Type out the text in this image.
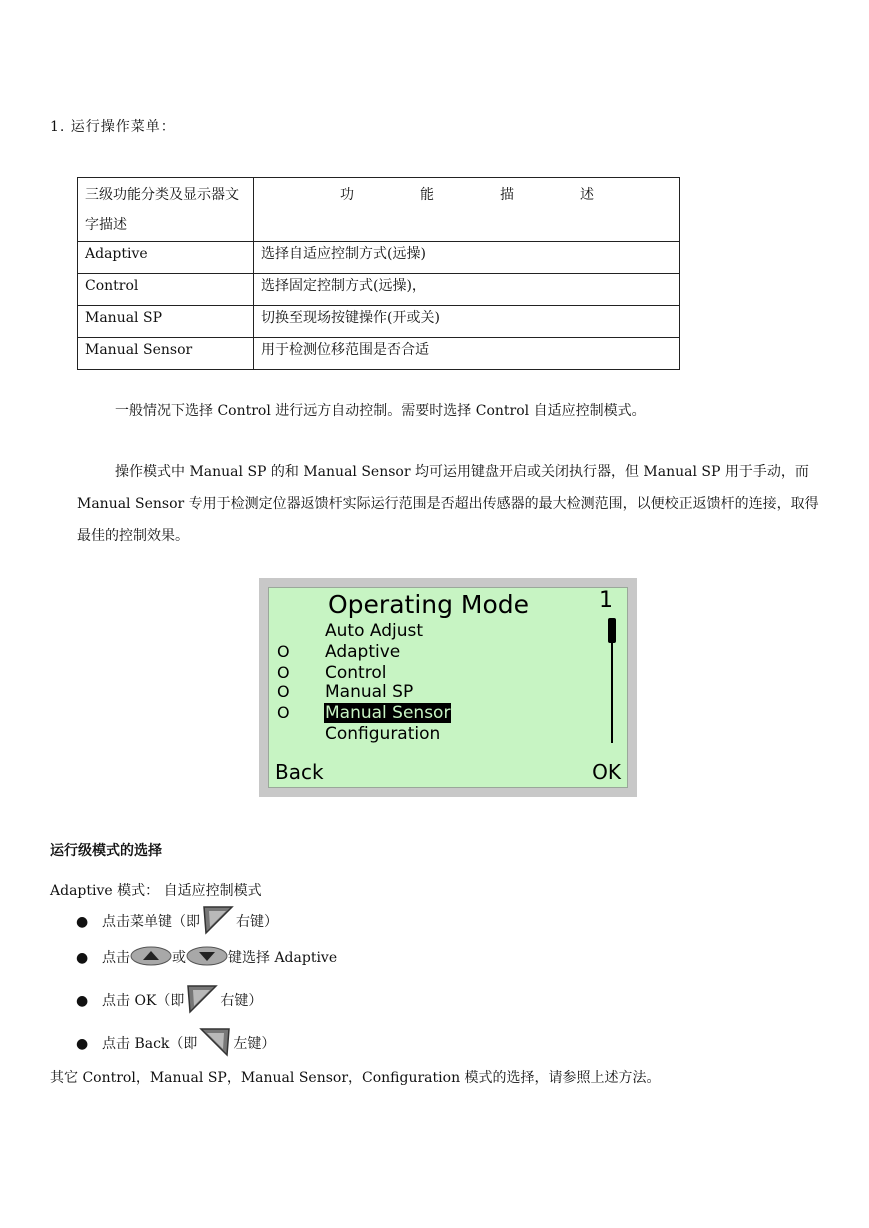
1. 运行操作菜单：
三级功能分类及显示器文字描述	功 能 描 述
Adaptive	选择自适应控制方式(远操)
Control	选择固定控制方式(远操)，
Manual SP	切换至现场按键操作(开或关)
Manual Sensor	用于检测位移范围是否合适
一般情况下选择 Control 进行远方自动控制。需要时选择 Control 自适应控制模式。
操作模式中 Manual SP 的和 Manual Sensor 均可运用键盘开启或关闭执行器，但 Manual SP 用于手动，而 Manual Sensor 专用于检测定位器返馈杆实际运行范围是否超出传感器的最大检测范围，以便校正返馈杆的连接，取得最佳的控制效果。
Operating Mode	1
Auto Adjust
O Adaptive
O Control
O Manual SP
O Manual Sensor
Configuration
Back	OK
运行级模式的选择
Adaptive 模式： 自适应控制模式
● 点击菜单键（即	右键）
● 点击	或	键选择 Adaptive
● 点击 OK（即	右键）
● 点击 Back（即	左键）
其它 Control，Manual SP，Manual Sensor，Configuration 模式的选择，请参照上述方法。
